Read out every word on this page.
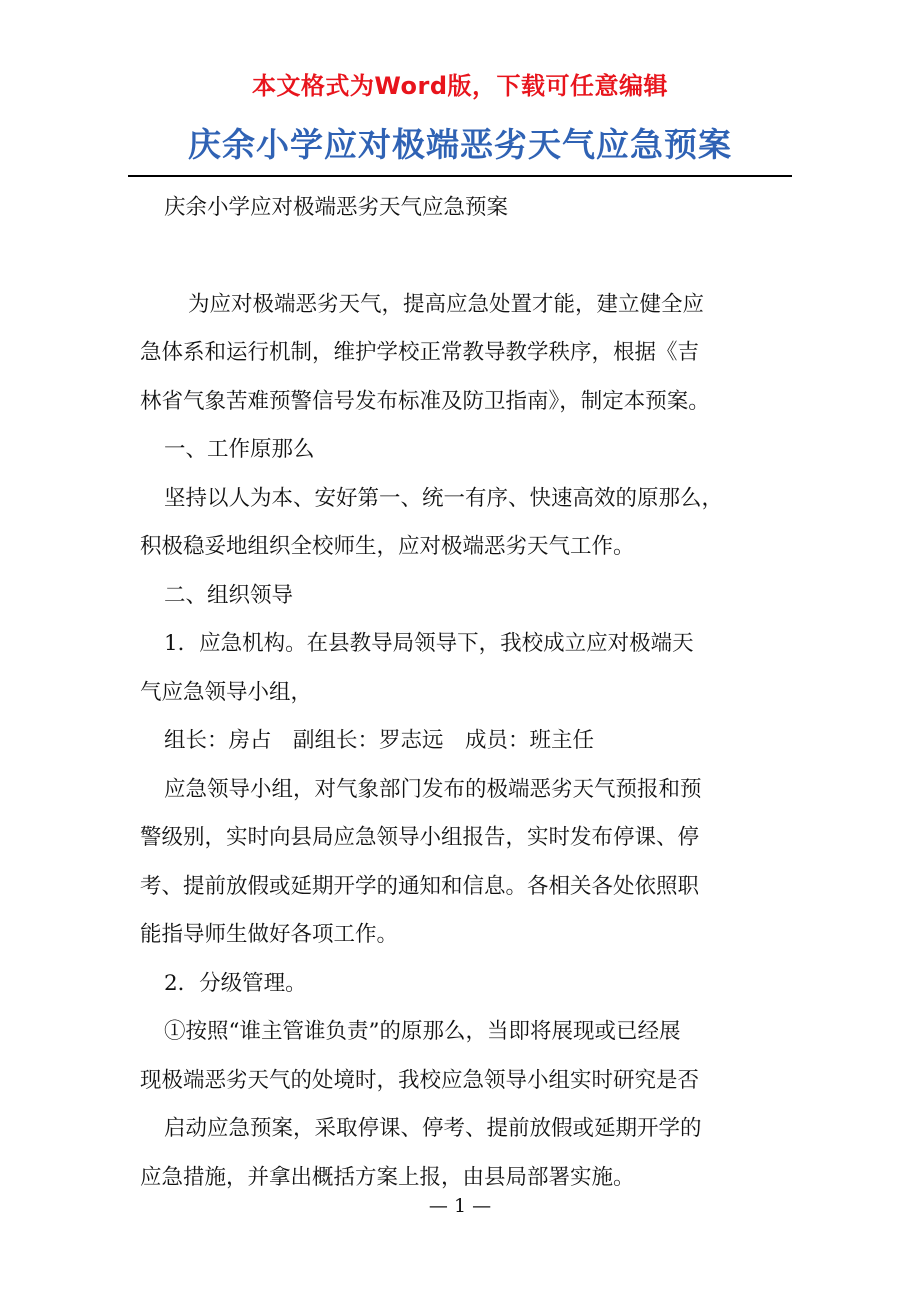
本文格式为Word版，下载可任意编辑
庆余小学应对极端恶劣天气应急预案

庆余小学应对极端恶劣天气应急预案

为应对极端恶劣天气，提高应急处置才能，建立健全应

急体系和运行机制，维护学校正常教导教学秩序，根据《吉

林省气象苦难预警信号发布标准及防卫指南》，制定本预案。

一、工作原那么

坚持以人为本、安好第一、统一有序、快速高效的原那么，

积极稳妥地组织全校师生，应对极端恶劣天气工作。

二、组织领导

1．应急机构。在县教导局领导下，我校成立应对极端天

气应急领导小组，

组长：房占　副组长：罗志远　成员：班主任

应急领导小组，对气象部门发布的极端恶劣天气预报和预

警级别，实时向县局应急领导小组报告，实时发布停课、停

考、提前放假或延期开学的通知和信息。各相关各处依照职

能指导师生做好各项工作。

2．分级管理。

①按照“谁主管谁负责”的原那么，当即将展现或已经展

现极端恶劣天气的处境时，我校应急领导小组实时研究是否

启动应急预案，采取停课、停考、提前放假或延期开学的

应急措施，并拿出概括方案上报，由县局部署实施。

— 1 —
